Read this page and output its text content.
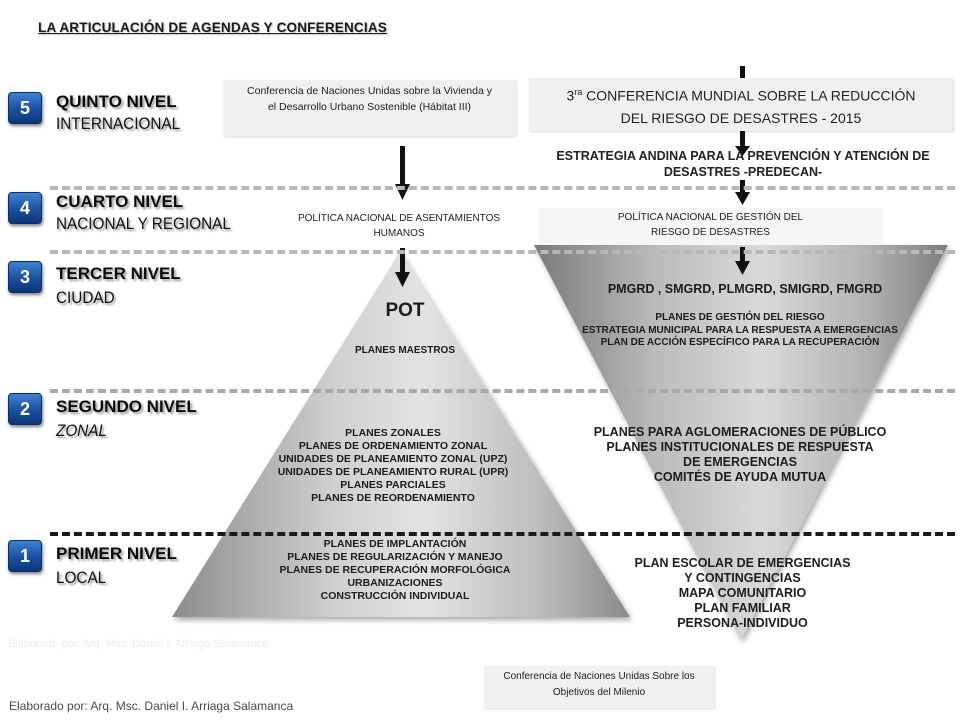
LA ARTICULACIÓN DE AGENDAS Y CONFERENCIAS
5	QUINTO NIVEL
INTERNACIONAL
4	CUARTO NIVEL
NACIONAL Y REGIONAL
3	TERCER NIVEL
CIUDAD
2	SEGUNDO NIVEL
ZONAL
1	PRIMER NIVEL
LOCAL
Conferencia de Naciones Unidas sobre la Vivienda y el Desarrollo Urbano Sostenible (Hábitat III)
POLÍTICA NACIONAL DE ASENTAMIENTOS HUMANOS
POT
PLANES MAESTROS
PLANES ZONALES
PLANES DE ORDENAMIENTO ZONAL
UNIDADES DE PLANEAMIENTO ZONAL (UPZ)
UNIDADES DE PLANEAMIENTO RURAL (UPR)
PLANES PARCIALES
PLANES DE REORDENAMIENTO
PLANES DE IMPLANTACIÓN
PLANES DE REGULARIZACIÓN Y MANEJO
PLANES DE RECUPERACIÓN MORFOLÓGICA
URBANIZACIONES
CONSTRUCCIÓN INDIVIDUAL
$3^{ra}$ CONFERENCIA MUNDIAL SOBRE LA REDUCCIÓN
DEL RIESGO DE DESASTRES - 2015
ESTRATEGIA ANDINA PARA LA PREVENCIÓN Y ATENCIÓN DE DESASTRES -PREDECAN-
POLÍTICA NACIONAL DE GESTIÓN DEL RIESGO DE DESASTRES
PMGRD , SMGRD, PLMGRD, SMIGRD, FMGRD
PLANES DE GESTIÓN DEL RIESGO
ESTRATEGIA MUNICIPAL PARA LA RESPUESTA A EMERGENCIAS
PLAN DE ACCIÓN ESPECÍFICO PARA LA RECUPERACIÓN
PLANES PARA AGLOMERACIONES DE PÚBLICO
PLANES INSTITUCIONALES DE RESPUESTA
DE EMERGENCIAS
COMITÉS DE AYUDA MUTUA
PLAN ESCOLAR DE EMERGENCIAS
Y CONTINGENCIAS
MAPA COMUNITARIO
PLAN FAMILIAR
PERSONA-INDIVIDUO
Elaborado por: Arq. Msc. Daniel I. Arriaga Salamanca
Conferencia de Naciones Unidas Sobre los Objetivos del Milenio
Elaborado por: Arq. Msc. Daniel I. Arriaga Salamanca
